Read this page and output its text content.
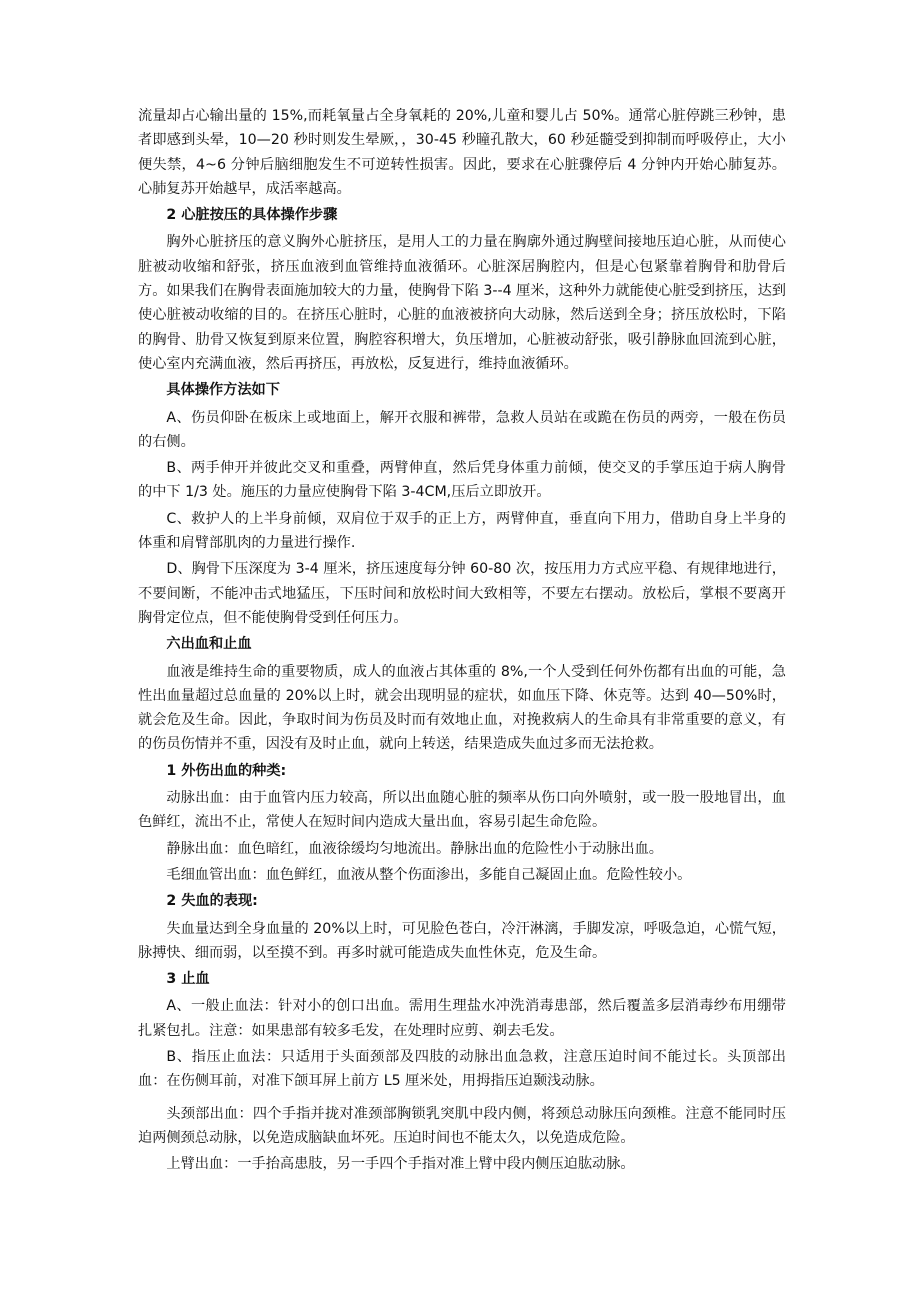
流量却占心输出量的 15%,而耗氧量占全身氧耗的 20%,儿童和婴儿占 50%。通常心脏停跳三秒钟，患者即感到头晕，10—20 秒时则发生晕厥，，30-45 秒瞳孔散大，60 秒延髓受到抑制而呼吸停止，大小便失禁，4~6 分钟后脑细胞发生不可逆转性损害。因此，要求在心脏骤停后 4 分钟内开始心肺复苏。心肺复苏开始越早，成活率越高。

2 心脏按压的具体操作步骤

胸外心脏挤压的意义胸外心脏挤压，是用人工的力量在胸廓外通过胸壁间接地压迫心脏，从而使心脏被动收缩和舒张，挤压血液到血管维持血液循环。心脏深居胸腔内，但是心包紧靠着胸骨和肋骨后方。如果我们在胸骨表面施加较大的力量，使胸骨下陷 3--4 厘米，这种外力就能使心脏受到挤压，达到使心脏被动收缩的目的。在挤压心脏时，心脏的血液被挤向大动脉，然后送到全身；挤压放松时，下陷的胸骨、肋骨又恢复到原来位置，胸腔容积增大，负压增加，心脏被动舒张，吸引静脉血回流到心脏，使心室内充满血液，然后再挤压，再放松，反复进行，维持血液循环。

具体操作方法如下

A、伤员仰卧在板床上或地面上，解开衣服和裤带，急救人员站在或跪在伤员的两旁，一般在伤员的右侧。

B、两手伸开并彼此交叉和重叠，两臂伸直，然后凭身体重力前倾，使交叉的手掌压迫于病人胸骨的中下 1/3 处。施压的力量应使胸骨下陷 3-4CM,压后立即放开。

C、救护人的上半身前倾，双肩位于双手的正上方，两臂伸直，垂直向下用力，借助自身上半身的体重和肩臂部肌肉的力量进行操作.

D、胸骨下压深度为 3-4 厘米，挤压速度每分钟 60-80 次，按压用力方式应平稳、有规律地进行，不要间断，不能冲击式地猛压，下压时间和放松时间大致相等，不要左右摆动。放松后，掌根不要离开胸骨定位点，但不能使胸骨受到任何压力。

六出血和止血

血液是维持生命的重要物质，成人的血液占其体重的 8%,一个人受到任何外伤都有出血的可能，急性出血量超过总血量的 20%以上时，就会出现明显的症状，如血压下降、休克等。达到 40—50%时，就会危及生命。因此，争取时间为伤员及时而有效地止血，对挽救病人的生命具有非常重要的意义，有的伤员伤情并不重，因没有及时止血，就向上转送，结果造成失血过多而无法抢救。

1 外伤出血的种类:

动脉出血：由于血管内压力较高，所以出血随心脏的频率从伤口向外喷射，或一股一股地冒出，血色鲜红，流出不止，常使人在短时间内造成大量出血，容易引起生命危险。

静脉出血：血色暗红，血液徐缓均匀地流出。静脉出血的危险性小于动脉出血。

毛细血管出血：血色鲜红，血液从整个伤面渗出，多能自己凝固止血。危险性较小。

2 失血的表现:

失血量达到全身血量的 20%以上时，可见脸色苍白，冷汗淋漓，手脚发凉，呼吸急迫，心慌气短，脉搏快、细而弱，以至摸不到。再多时就可能造成失血性休克，危及生命。

3 止血

A、一般止血法：针对小的创口出血。需用生理盐水冲洗消毒患部，然后覆盖多层消毒纱布用绷带扎紧包扎。注意：如果患部有较多毛发，在处理时应剪、剃去毛发。

B、指压止血法：只适用于头面颈部及四肢的动脉出血急救，注意压迫时间不能过长。头顶部出血：在伤侧耳前，对准下颌耳屏上前方 L5 厘米处，用拇指压迫颞浅动脉。

头颈部出血：四个手指并拢对准颈部胸锁乳突肌中段内侧，将颈总动脉压向颈椎。注意不能同时压迫两侧颈总动脉，以免造成脑缺血坏死。压迫时间也不能太久，以免造成危险。

上臂出血：一手抬高患肢，另一手四个手指对准上臂中段内侧压迫肱动脉。
